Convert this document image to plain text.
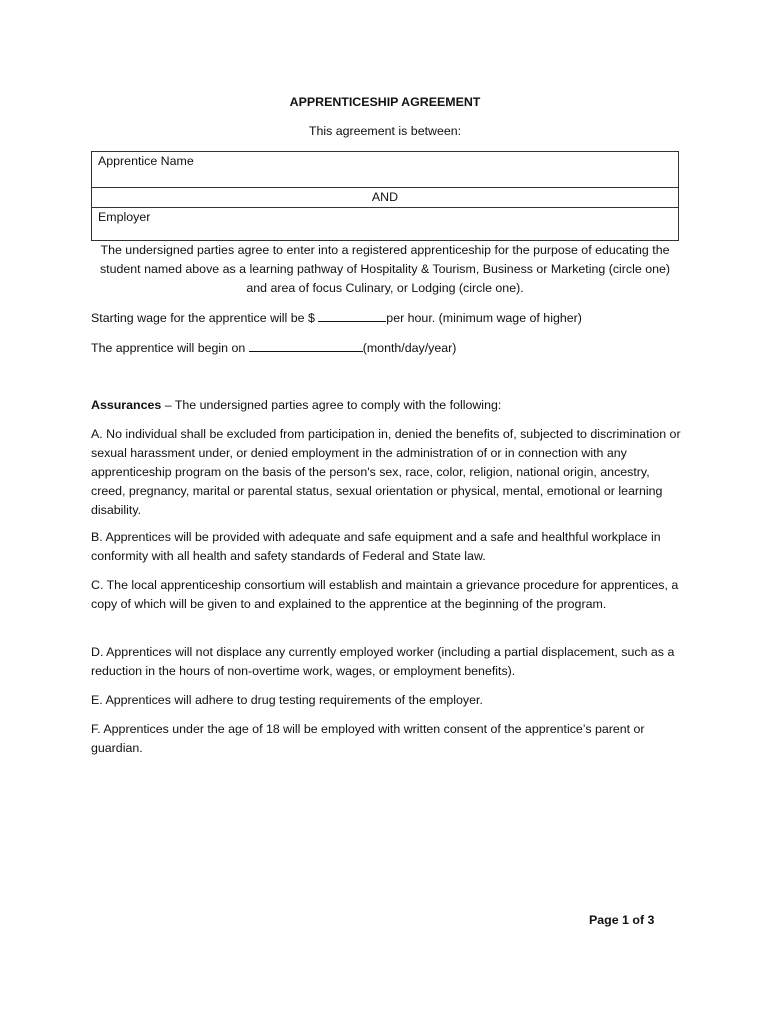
APPRENTICESHIP AGREEMENT
This agreement is between:
Apprentice Name
AND
Employer
The undersigned parties agree to enter into a registered apprenticeship for the purpose of educating the student named above as a learning pathway of Hospitality & Tourism, Business or Marketing (circle one) and area of focus Culinary, or Lodging (circle one).
Starting wage for the apprentice will be $	per hour. (minimum wage of higher)
The apprentice will begin on	(month/day/year)
Assurances – The undersigned parties agree to comply with the following:
A. No individual shall be excluded from participation in, denied the benefits of, subjected to discrimination or sexual harassment under, or denied employment in the administration of or in connection with any apprenticeship program on the basis of the person's sex, race, color, religion, national origin, ancestry, creed, pregnancy, marital or parental status, sexual orientation or physical, mental, emotional or learning disability.
B. Apprentices will be provided with adequate and safe equipment and a safe and healthful workplace in conformity with all health and safety standards of Federal and State law.
C. The local apprenticeship consortium will establish and maintain a grievance procedure for apprentices, a copy of which will be given to and explained to the apprentice at the beginning of the program.
D. Apprentices will not displace any currently employed worker (including a partial displacement, such as a reduction in the hours of non-overtime work, wages, or employment benefits).
E. Apprentices will adhere to drug testing requirements of the employer.
F. Apprentices under the age of 18 will be employed with written consent of the apprentice’s parent or guardian.
Page 1 of 3
